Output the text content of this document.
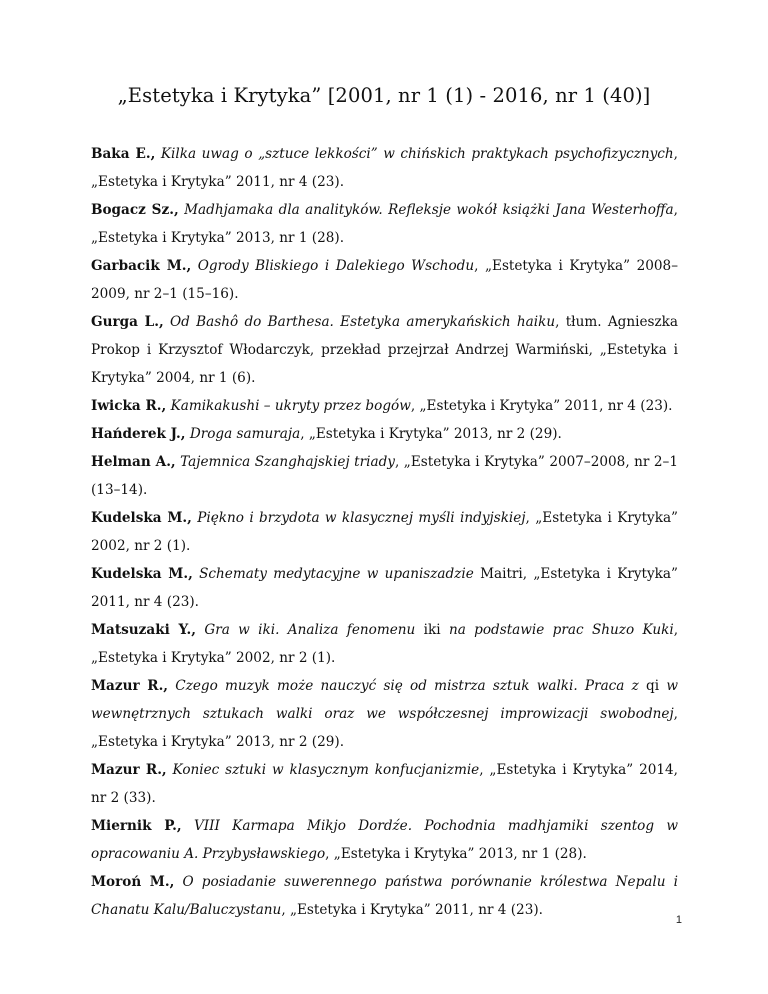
„Estetyka i Krytyka” [2001, nr 1 (1) - 2016, nr 1 (40)]
Baka E., Kilka uwag o „sztuce lekkości” w chińskich praktykach psychofizycznych, „Estetyka i Krytyka” 2011, nr 4 (23).
Bogacz Sz., Madhjamaka dla analityków. Refleksje wokół książki Jana Westerhoffa, „Estetyka i Krytyka” 2013, nr 1 (28).
Garbacik M., Ogrody Bliskiego i Dalekiego Wschodu, „Estetyka i Krytyka” 2008–2009, nr 2–1 (15–16).
Gurga L., Od Bashô do Barthesa. Estetyka amerykańskich haiku, tłum. Agnieszka Prokop i Krzysztof Włodarczyk, przekład przejrzał Andrzej Warmiński, „Estetyka i Krytyka” 2004, nr 1 (6).
Iwicka R., Kamikakushi – ukryty przez bogów, „Estetyka i Krytyka” 2011, nr 4 (23).
Hańderek J., Droga samuraja, „Estetyka i Krytyka” 2013, nr 2 (29).
Helman A., Tajemnica Szanghajskiej triady, „Estetyka i Krytyka” 2007–2008, nr 2–1 (13–14).
Kudelska M., Piękno i brzydota w klasycznej myśli indyjskiej, „Estetyka i Krytyka” 2002, nr 2 (1).
Kudelska M., Schematy medytacyjne w upaniszadzie Maitri, „Estetyka i Krytyka” 2011, nr 4 (23).
Matsuzaki Y., Gra w iki. Analiza fenomenu iki na podstawie prac Shuzo Kuki, „Estetyka i Krytyka” 2002, nr 2 (1).
Mazur R., Czego muzyk może nauczyć się od mistrza sztuk walki. Praca z qi w wewnętrznych sztukach walki oraz we współczesnej improwizacji swobodnej, „Estetyka i Krytyka” 2013, nr 2 (29).
Mazur R., Koniec sztuki w klasycznym konfucjanizmie, „Estetyka i Krytyka” 2014, nr 2 (33).
Miernik P., VIII Karmapa Mikjo Dordźe. Pochodnia madhjamiki szentog w opracowaniu A. Przybysławskiego, „Estetyka i Krytyka” 2013, nr 1 (28).
Moroń M., O posiadanie suwerennego państwa porównanie królestwa Nepalu i Chanatu Kalu/Baluczystanu, „Estetyka i Krytyka” 2011, nr 4 (23).
1
